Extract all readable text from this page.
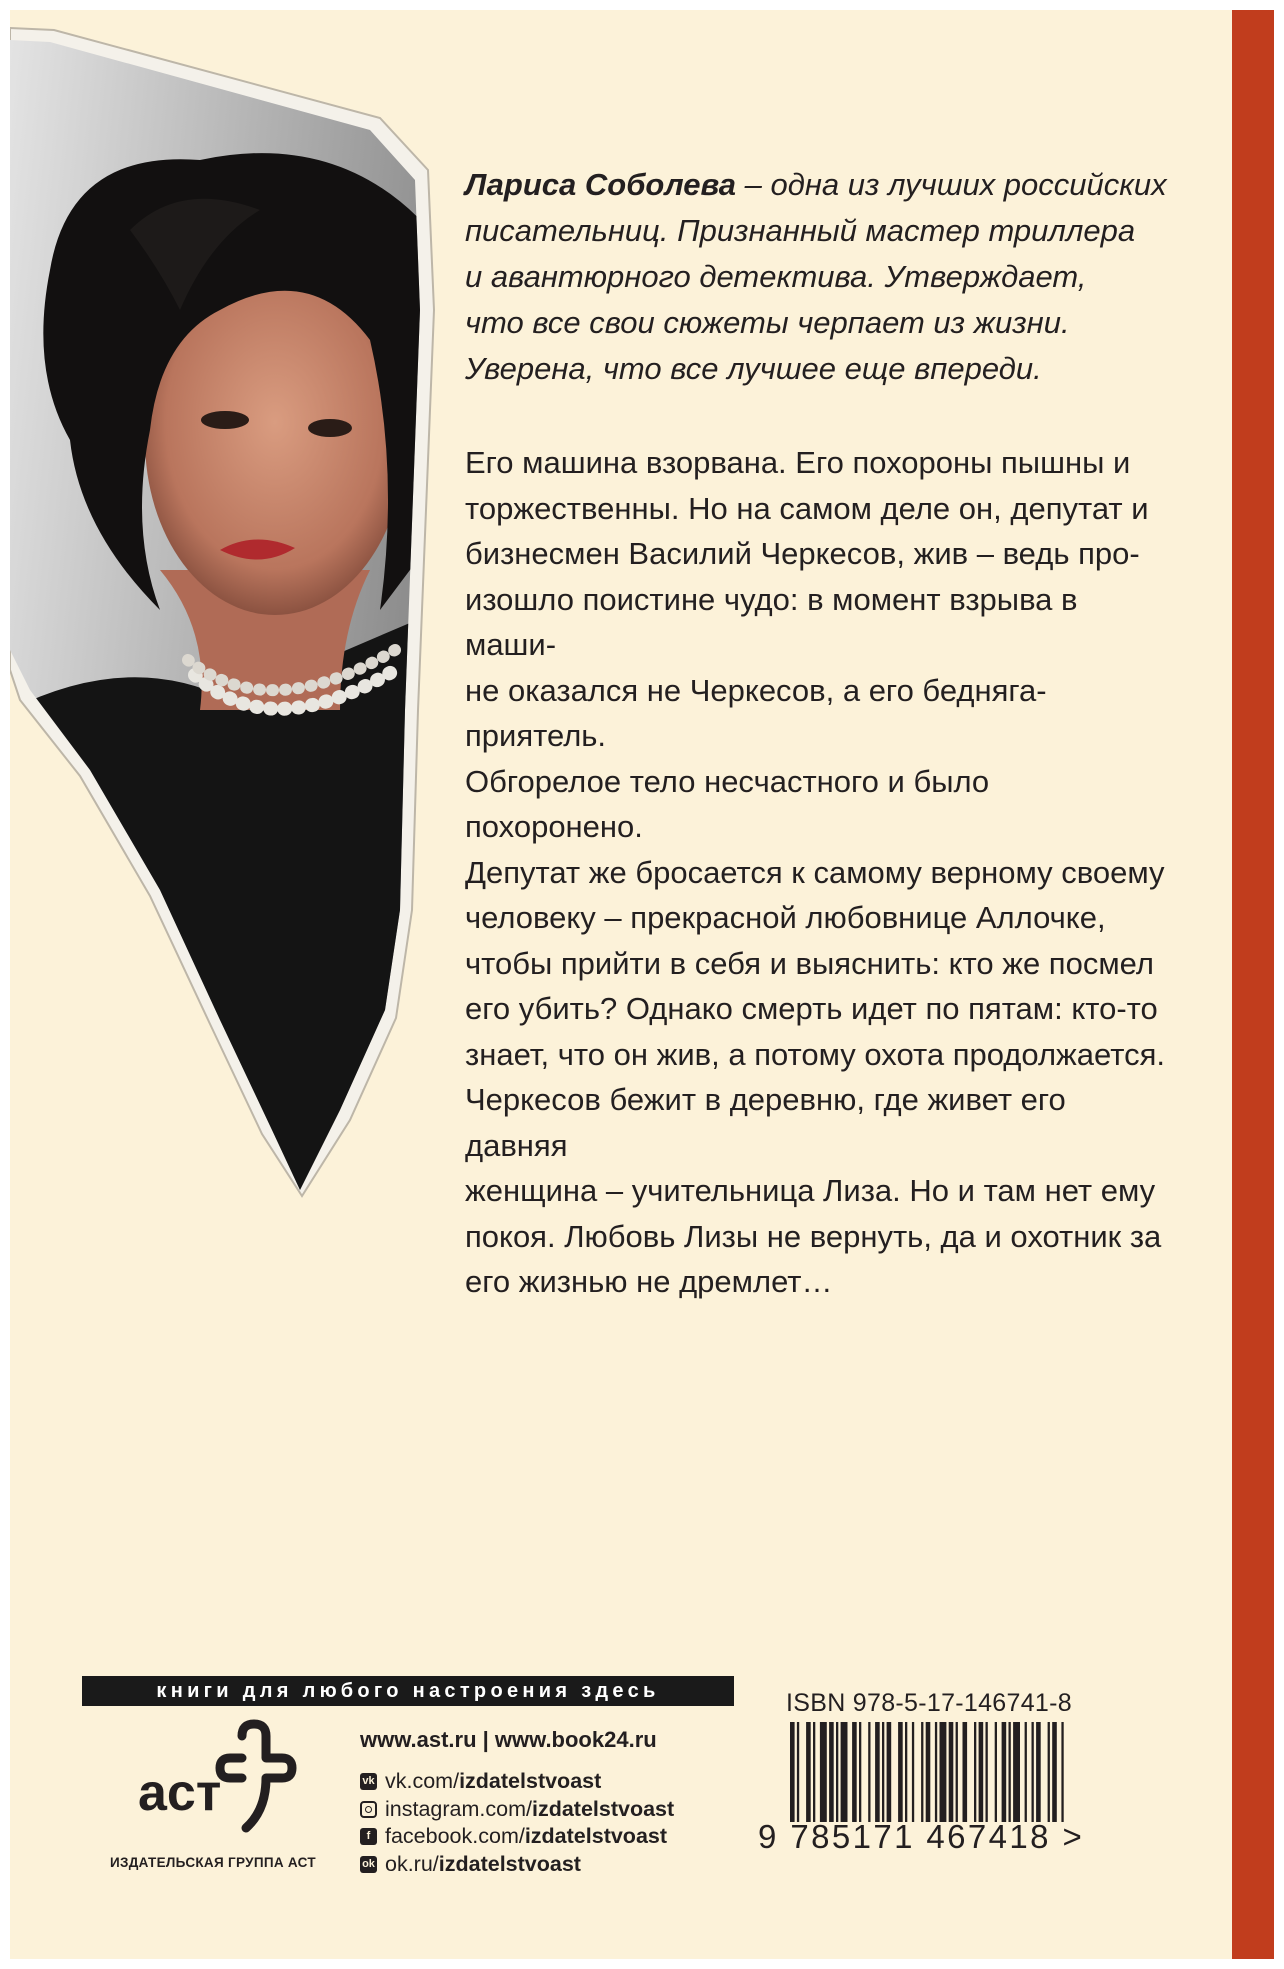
Лариса Соболева – одна из лучших российских

писательниц. Признанный мастер триллера

и авантюрного детектива. Утверждает,

что все свои сюжеты черпает из жизни.

Уверена, что все лучшее еще впереди.

Его машина взорвана. Его похороны пышны и

торжественны. Но на самом деле он, депутат и

бизнесмен Василий Черкесов, жив – ведь про-

изошло поистине чудо: в момент взрыва в маши-

не оказался не Черкесов, а его бедняга-приятель.

Обгорелое тело несчастного и было похоронено.

Депутат же бросается к самому верному своему

человеку – прекрасной любовнице Аллочке,

чтобы прийти в себя и выяснить: кто же посмел

его убить? Однако смерть идет по пятам: кто-то

знает, что он жив, а потому охота продолжается.

Черкесов бежит в деревню, где живет его давняя

женщина – учительница Лиза. Но и там нет ему

покоя. Любовь Лизы не вернуть, да и охотник за

его жизнью не дремлет…

книги для любого настроения здесь
аст
ИЗДАТЕЛЬСКАЯ ГРУППА АСТ
www.ast.ru | www.book24.ru
vk vk.com/ izdatelstvoast
instagram.com/ izdatelstvoast
f facebook.com/ izdatelstvoast
ok ok.ru/ izdatelstvoast
ISBN 978-5-17-146741-8
9 785171 467418 >
